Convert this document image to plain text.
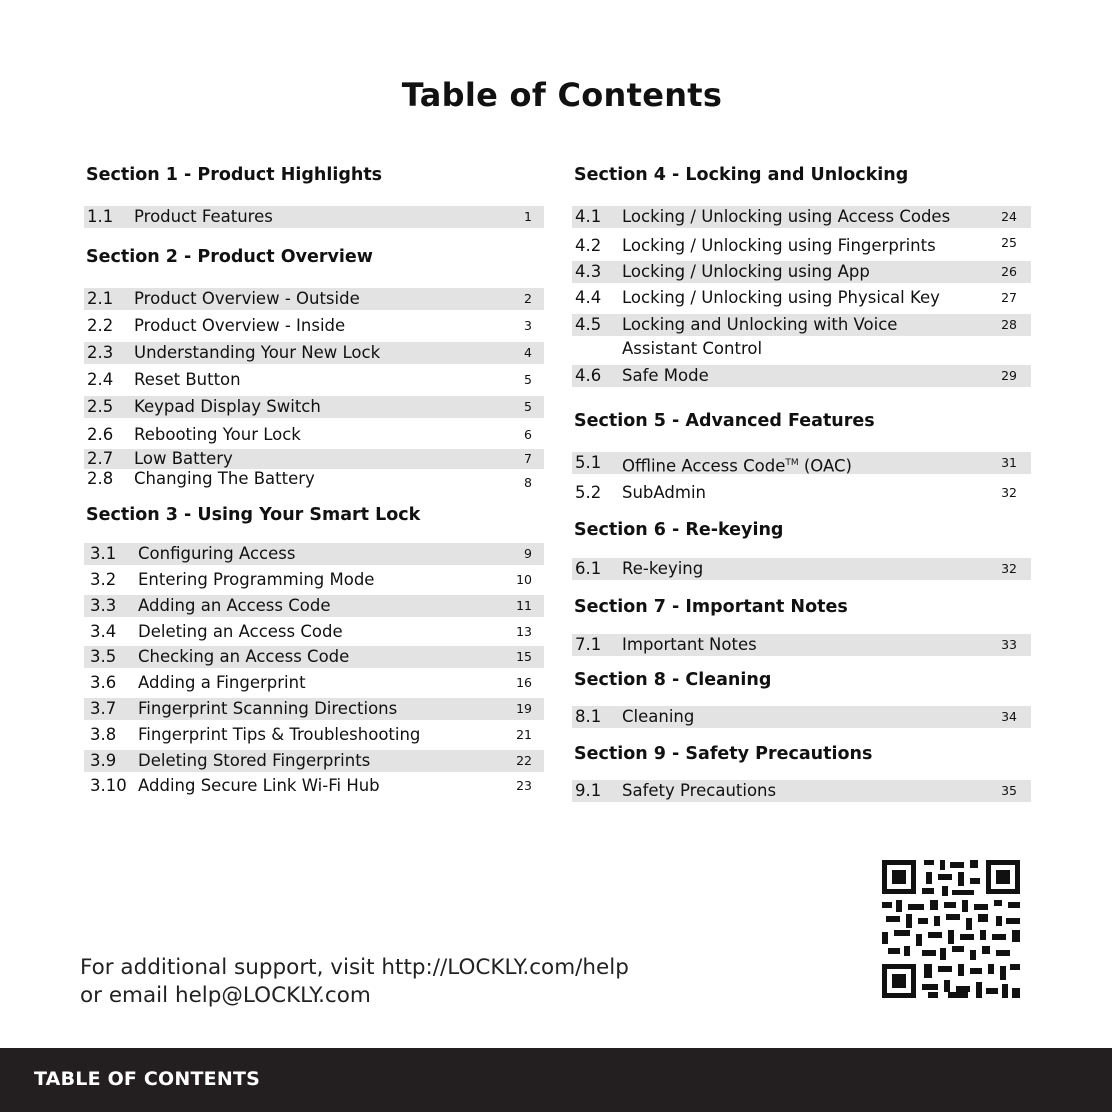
Table of Contents
Section 1 - Product Highlights
1.1 Product Features	1
Section 2 - Product Overview
2.1 Product Overview - Outside	2
2.2 Product Overview - Inside	3
2.3 Understanding Your New Lock	4
2.4 Reset Button	5
2.5 Keypad Display Switch	5
2.6 Rebooting Your Lock	6
2.7 Low Battery	7
2.8 Changing The Battery	8
Section 3 - Using Your Smart Lock
3.1 Configuring Access	9
3.2 Entering Programming Mode	10
3.3 Adding an Access Code	11
3.4 Deleting an Access Code	13
3.5 Checking an Access Code	15
3.6 Adding a Fingerprint	16
3.7 Fingerprint Scanning Directions	19
3.8 Fingerprint Tips & Troubleshooting	21
3.9 Deleting Stored Fingerprints	22
3.10 Adding Secure Link Wi-Fi Hub	23
Section 4 - Locking and Unlocking
4.1 Locking / Unlocking using Access Codes	24
4.2 Locking / Unlocking using Fingerprints	25
4.3 Locking / Unlocking using App	26
4.4 Locking / Unlocking using Physical Key	27
4.5 Locking and Unlocking with Voice	28
Assistant Control
4.6 Safe Mode	29
Section 5 - Advanced Features
5.1 Offline Access Code™ (OAC)	31
5.2 SubAdmin	32
Section 6 - Re-keying
6.1 Re-keying	32
Section 7 - Important Notes
7.1 Important Notes	33
Section 8 - Cleaning
8.1 Cleaning	34
Section 9 - Safety Precautions
9.1 Safety Precautions	35
For additional support, visit http://LOCKLY.com/help
or email help@LOCKLY.com
TABLE OF CONTENTS
